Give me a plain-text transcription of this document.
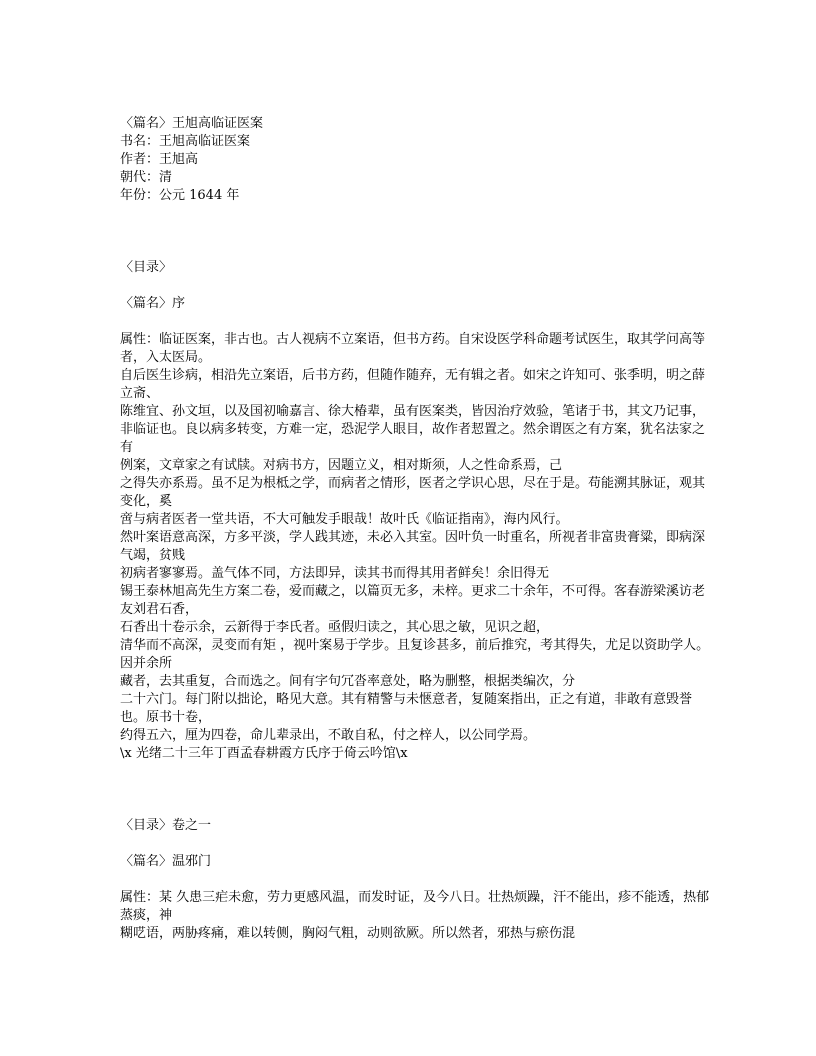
〈篇名〉王旭高临证医案

书名：王旭高临证医案

作者：王旭高

朝代：清

年份：公元 1644 年

〈目录〉

〈篇名〉序

属性：临证医案，非古也。古人视病不立案语，但书方药。自宋设医学科命题考试医生，取其学问高等者，入太医局。

自后医生诊病，相沿先立案语，后书方药，但随作随弃，无有辑之者。如宋之许知可、张季明，明之薛立斋、

陈维宜、孙文垣，以及国初喻嘉言、徐大椿辈，虽有医案类，皆因治疗效验，笔诸于书，其文乃记事，非临证也。良以病多转变，方难一定，恐泥学人眼目，故作者恝置之。然余谓医之有方案，犹名法家之有

例案，文章家之有试牍。对病书方，因题立义，相对斯须，人之性命系焉，己

之得失亦系焉。虽不足为根柢之学，而病者之情形，医者之学识心思，尽在于是。苟能溯其脉证，观其变化，奚

啻与病者医者一堂共语，不大可触发手眼哉！故叶氏《临证指南》，海内风行。

然叶案语意高深，方多平淡，学人践其迹，未必入其室。因叶负一时重名，所视者非富贵膏粱，即病深气竭，贫贱

初病者寥寥焉。盖气体不同，方法即异，读其书而得其用者鲜矣！余旧得无

锡王泰林旭高先生方案二卷，爱而藏之，以篇页无多，未梓。更求二十余年，不可得。客春游梁溪访老友刘君石香，

石香出十卷示余，云新得于李氏者。亟假归读之，其心思之敏，见识之超，

清华而不高深，灵变而有矩 ，视叶案易于学步。且复诊甚多，前后推究，考其得失，尤足以资助学人。因并余所

藏者，去其重复，合而选之。间有字句冗沓率意处，略为删整，根据类编次，分

二十六门。每门附以拙论，略见大意。其有精警与未惬意者，复随案指出，正之有道，非敢有意毁誉也。原书十卷，

约得五六，厘为四卷，命儿辈录出，不敢自私，付之梓人，以公同学焉。

\x 光绪二十三年丁酉孟春耕霞方氏序于倚云吟馆\x

〈目录〉卷之一

〈篇名〉温邪门

属性：某 久患三疟未愈，劳力更感风温，而发时证，及今八日。壮热烦躁，汗不能出，疹不能透，热郁蒸痰，神

糊呓语，两胁疼痛，难以转侧，胸闷气粗，动则欲厥。所以然者，邪热与瘀伤混
